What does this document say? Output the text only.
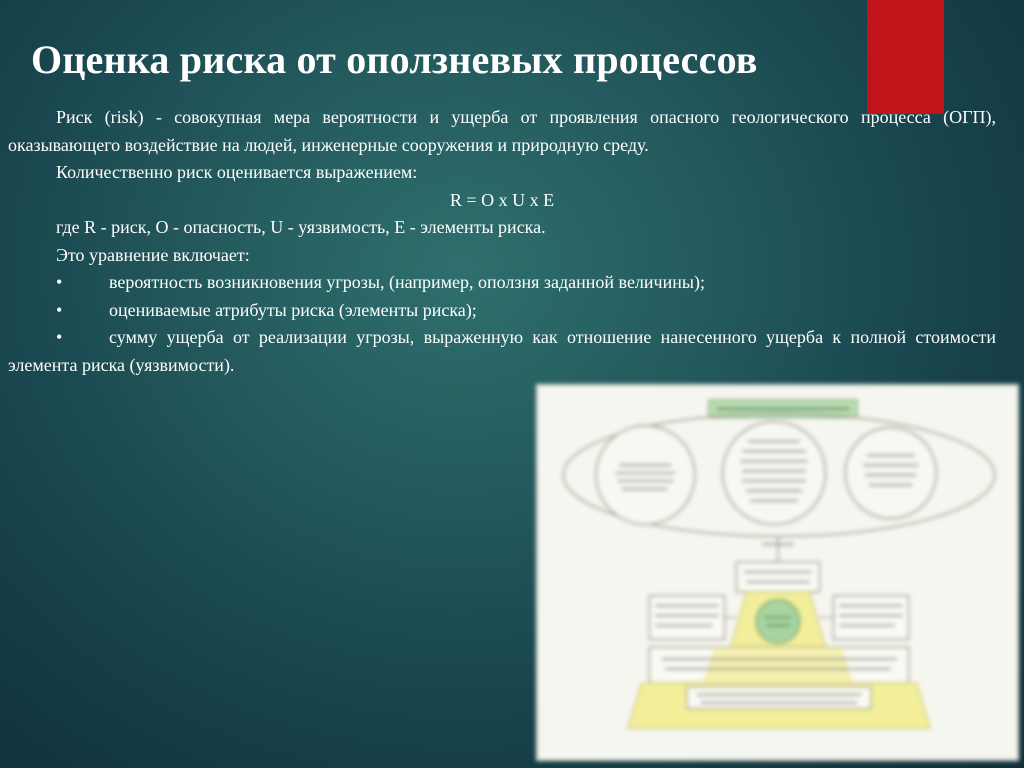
Оценка риска от оползневых процессов

Риск (risk) - совокупная мера вероятности и ущерба от проявления опасного геологического процесса (ОГП), оказывающего воздействие на людей, инженерные сооружения и природную среду.

Количественно риск оценивается выражением:

R = O x U x E

где R - риск, O - опасность, U - уязвимость, E - элементы риска.

Это уравнение включает:

•	вероятность возникновения угрозы, (например, оползня заданной величины);
•	оцениваемые атрибуты риска (элементы риска);
•	сумму ущерба от реализации угрозы, выраженную как отношение нанесенного ущерба к полной стоимости элемента риска (уязвимости).
